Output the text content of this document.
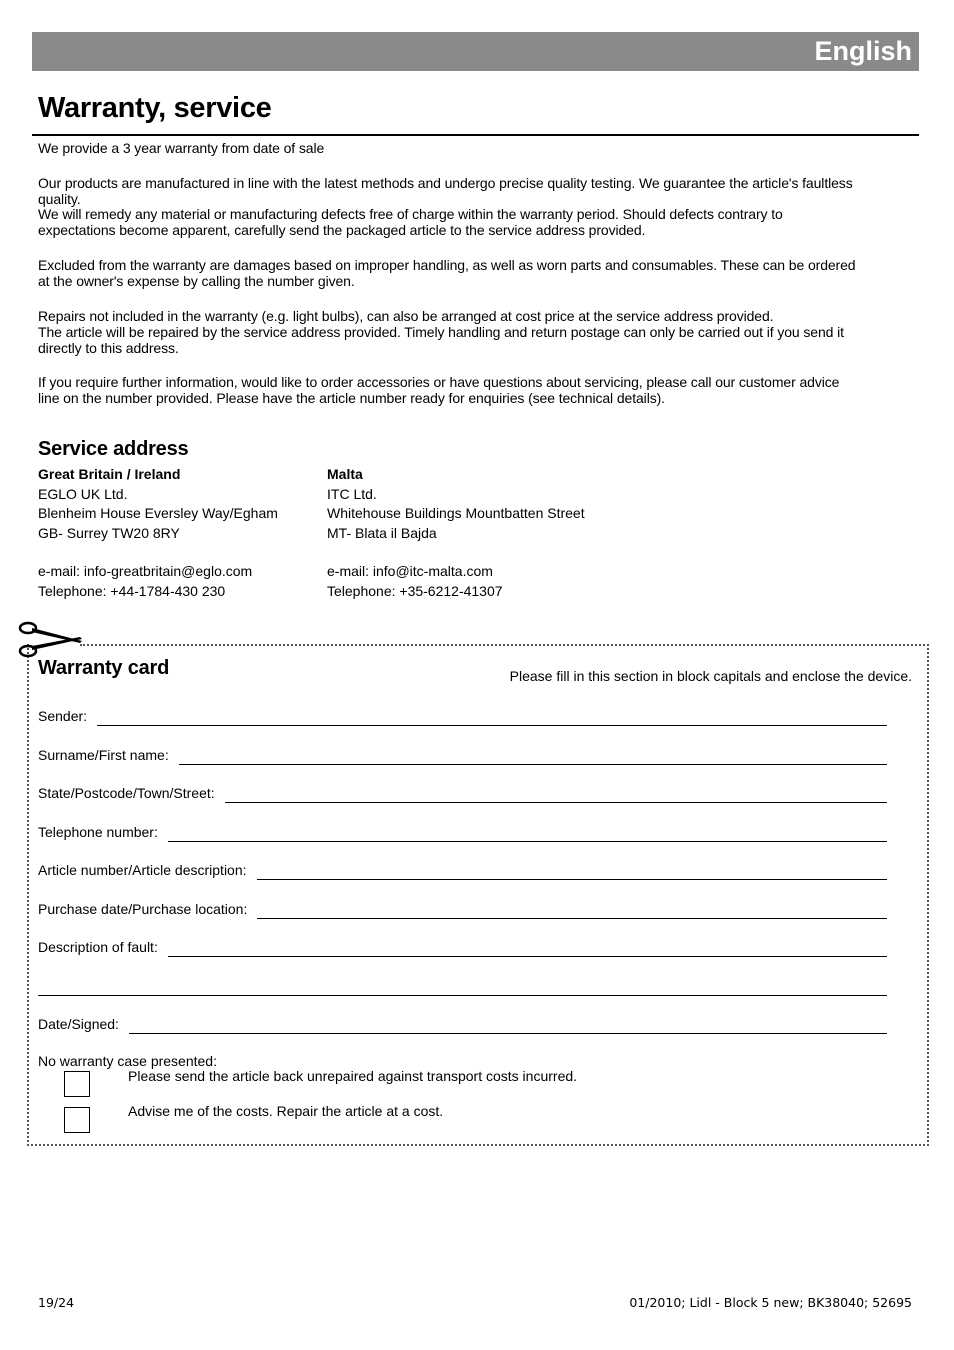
English
Warranty, service
We provide a 3 year warranty from date of sale
Our products are manufactured in line with the latest methods and undergo precise quality testing. We guarantee the article's faultless quality.
We will remedy any material or manufacturing defects free of charge within the warranty period. Should defects contrary to expectations become apparent, carefully send the packaged article to the service address provided.
Excluded from the warranty are damages based on improper handling, as well as worn parts and consumables. These can be ordered at the owner's expense by calling the number given.
Repairs not included in the warranty (e.g. light bulbs), can also be arranged at cost price at the service address provided.
The article will be repaired by the service address provided. Timely handling and return postage can only be carried out if you send it directly to this address.
If you require further information, would like to order accessories or have questions about servicing, please call our customer advice line on the number provided. Please have the article number ready for enquiries (see technical details).
Service address
Great Britain / Ireland
EGLO UK Ltd.
Blenheim House Eversley Way/Egham
GB- Surrey TW20 8RY
e-mail: info-greatbritain@eglo.com
Telephone: +44-1784-430 230
Malta
ITC Ltd.
Whitehouse Buildings Mountbatten Street
MT- Blata il Bajda
e-mail: info@itc-malta.com
Telephone: +35-6212-41307
Warranty card	Please fill in this section in block capitals and enclose the device.
Sender:
Surname/First name:
State/Postcode/Town/Street:
Telephone number:
Article number/Article description:
Purchase date/Purchase location:
Description of fault:
Date/Signed:
No warranty case presented:
Please send the article back unrepaired against transport costs incurred.
Advise me of the costs. Repair the article at a cost.
19/24	01/2010; Lidl - Block 5 new; BK38040; 52695
